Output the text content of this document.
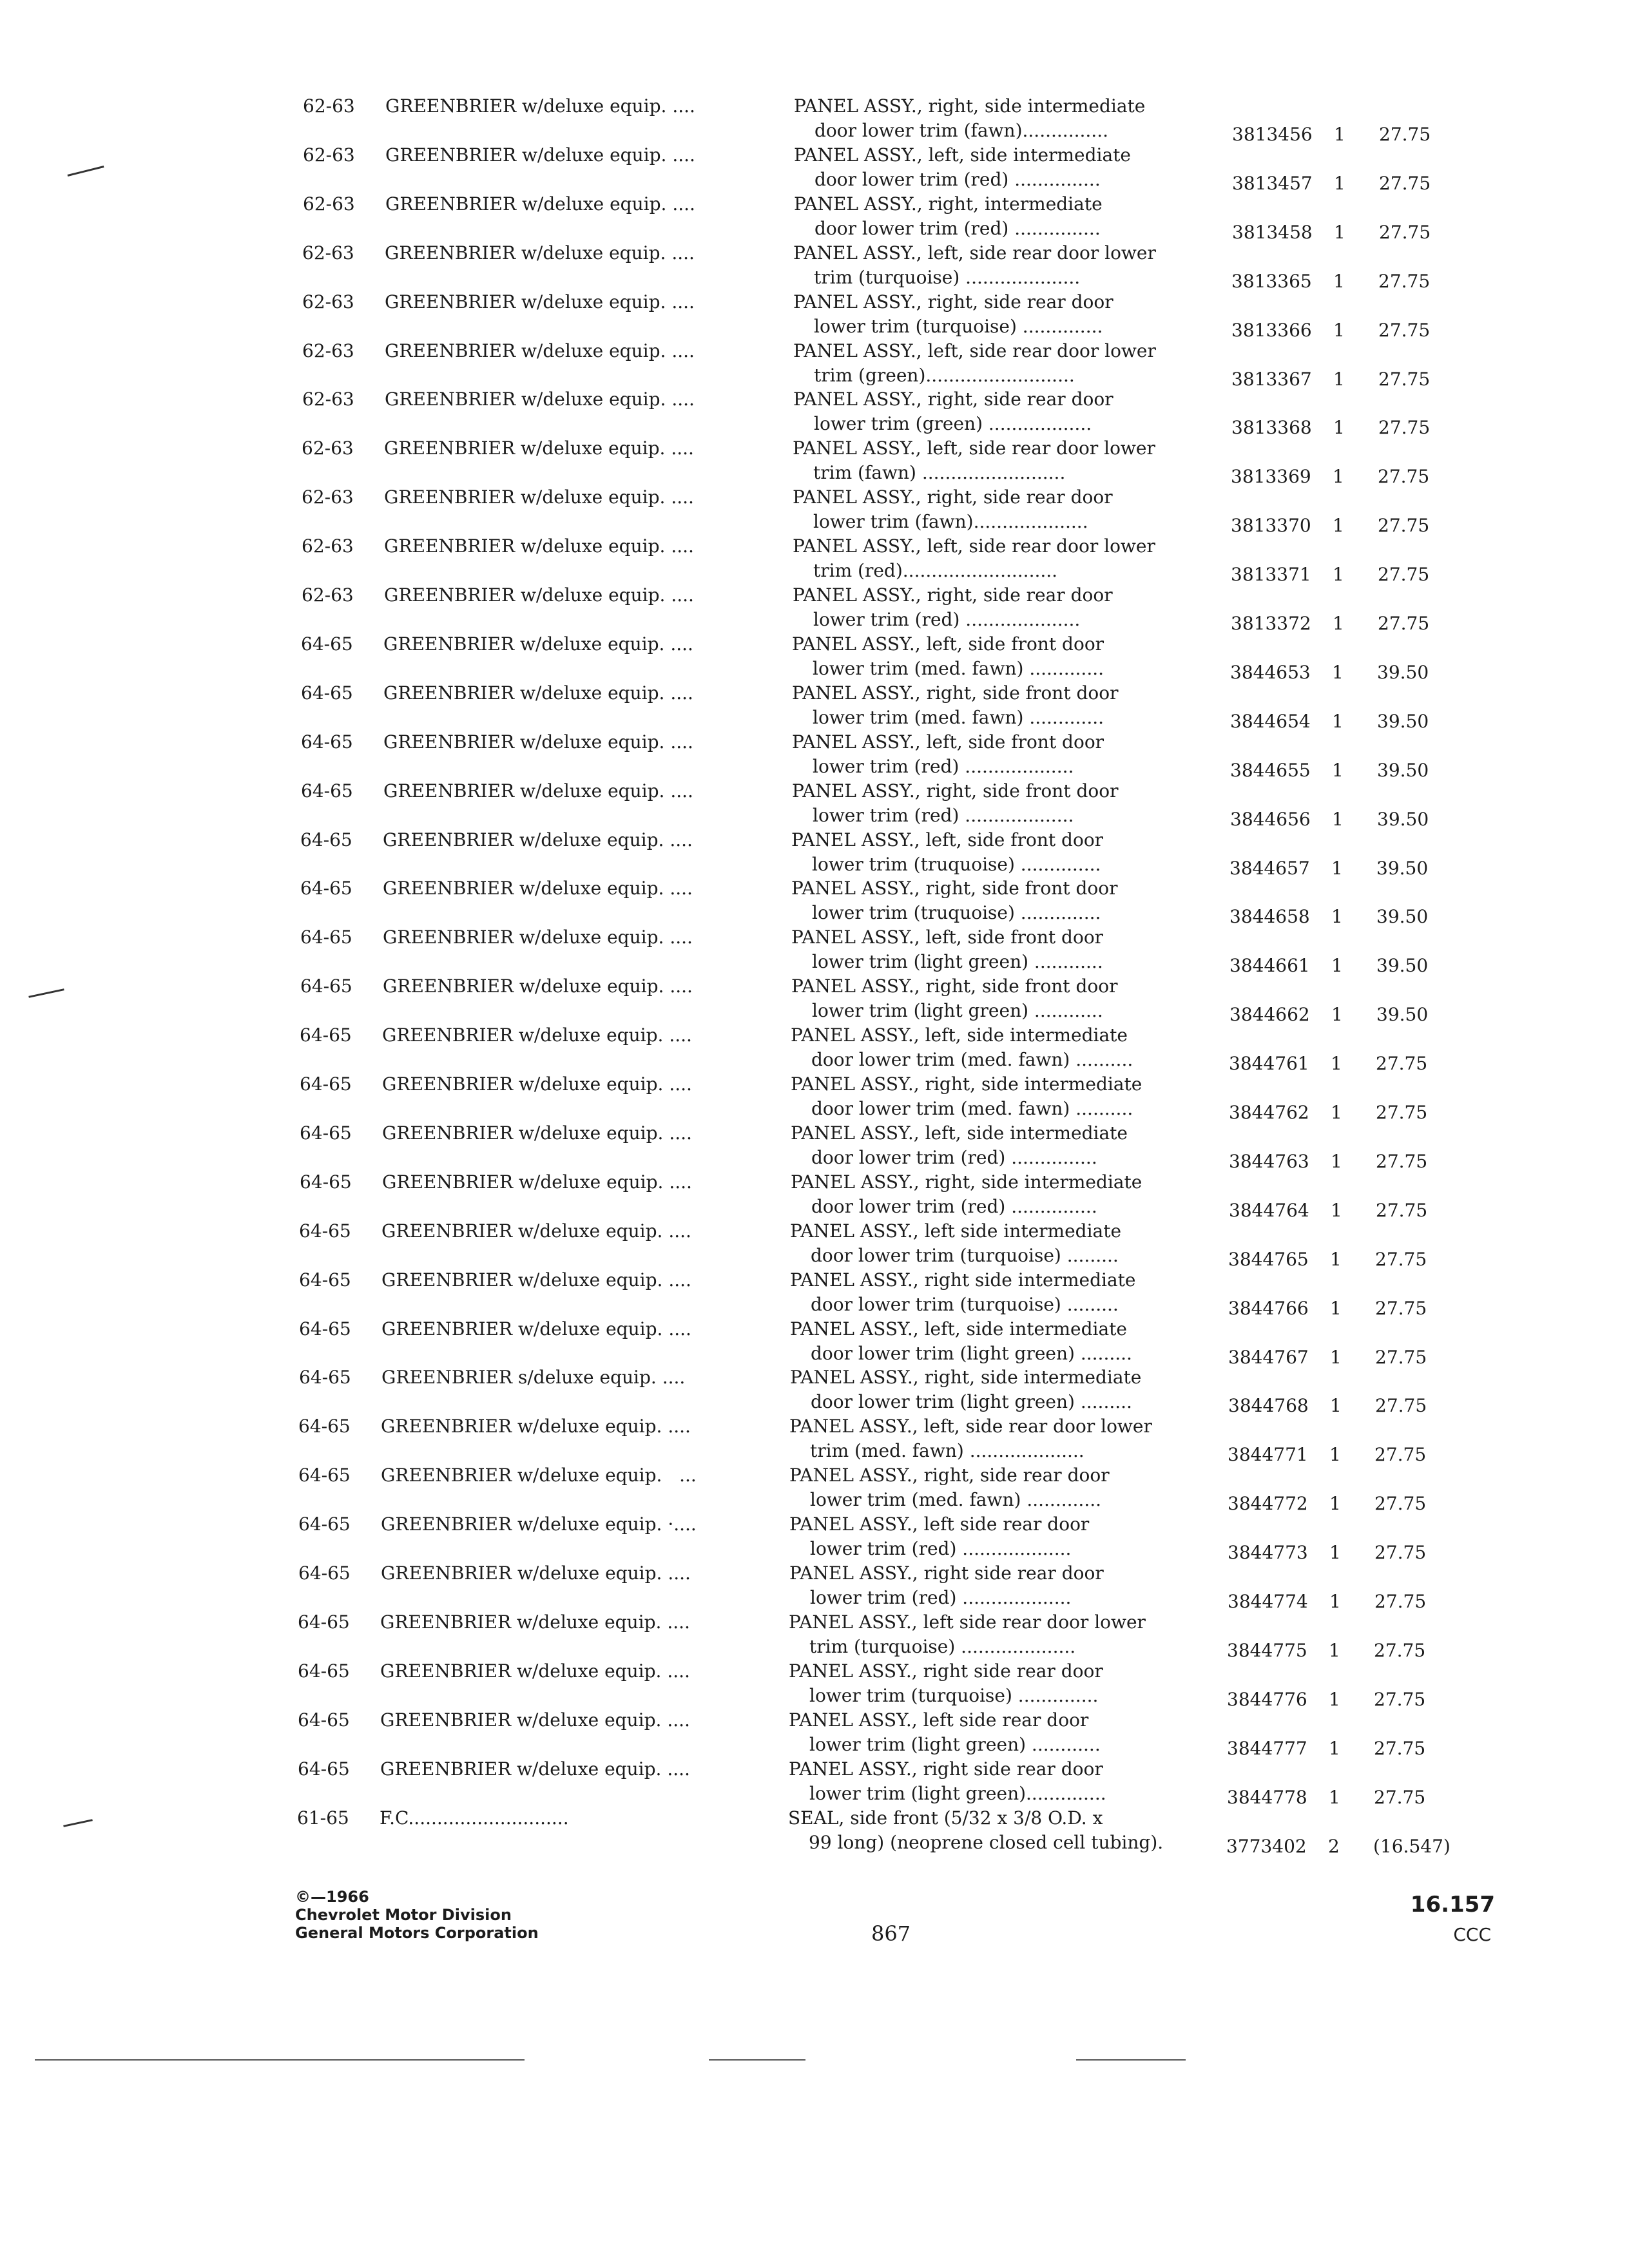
62-63 GREENBRIER w/deluxe equip. ....	PANEL ASSY., right, side intermediate
door lower trim (fawn)...............	3813456 1 27.75
62-63 GREENBRIER w/deluxe equip. ....	PANEL ASSY., left, side intermediate
door lower trim (red) ...............	3813457 1 27.75
62-63 GREENBRIER w/deluxe equip. ....	PANEL ASSY., right, intermediate
door lower trim (red) ...............	3813458 1 27.75
62-63 GREENBRIER w/deluxe equip. ....	PANEL ASSY., left, side rear door lower
trim (turquoise) ....................	3813365 1 27.75
62-63 GREENBRIER w/deluxe equip. ....	PANEL ASSY., right, side rear door
lower trim (turquoise) ..............	3813366 1 27.75
62-63 GREENBRIER w/deluxe equip. ....	PANEL ASSY., left, side rear door lower
trim (green)..........................	3813367 1 27.75
62-63 GREENBRIER w/deluxe equip. ....	PANEL ASSY., right, side rear door
lower trim (green) ..................	3813368 1 27.75
62-63 GREENBRIER w/deluxe equip. ....	PANEL ASSY., left, side rear door lower
trim (fawn) .........................	3813369 1 27.75
62-63 GREENBRIER w/deluxe equip. ....	PANEL ASSY., right, side rear door
lower trim (fawn)....................	3813370 1 27.75
62-63 GREENBRIER w/deluxe equip. ....	PANEL ASSY., left, side rear door lower
trim (red)...........................	3813371 1 27.75
62-63 GREENBRIER w/deluxe equip. ....	PANEL ASSY., right, side rear door
lower trim (red) ....................	3813372 1 27.75
64-65 GREENBRIER w/deluxe equip. ....	PANEL ASSY., left, side front door
lower trim (med. fawn) .............	3844653 1 39.50
64-65 GREENBRIER w/deluxe equip. ....	PANEL ASSY., right, side front door
lower trim (med. fawn) .............	3844654 1 39.50
64-65 GREENBRIER w/deluxe equip. ....	PANEL ASSY., left, side front door
lower trim (red) ...................	3844655 1 39.50
64-65 GREENBRIER w/deluxe equip. ....	PANEL ASSY., right, side front door
lower trim (red) ...................	3844656 1 39.50
64-65 GREENBRIER w/deluxe equip. ....	PANEL ASSY., left, side front door
lower trim (truquoise) ..............	3844657 1 39.50
64-65 GREENBRIER w/deluxe equip. ....	PANEL ASSY., right, side front door
lower trim (truquoise) ..............	3844658 1 39.50
64-65 GREENBRIER w/deluxe equip. ....	PANEL ASSY., left, side front door
lower trim (light green) ............	3844661 1 39.50
64-65 GREENBRIER w/deluxe equip. ....	PANEL ASSY., right, side front door
lower trim (light green) ............	3844662 1 39.50
64-65 GREENBRIER w/deluxe equip. ....	PANEL ASSY., left, side intermediate
door lower trim (med. fawn) ..........	3844761 1 27.75
64-65 GREENBRIER w/deluxe equip. ....	PANEL ASSY., right, side intermediate
door lower trim (med. fawn) ..........	3844762 1 27.75
64-65 GREENBRIER w/deluxe equip. ....	PANEL ASSY., left, side intermediate
door lower trim (red) ...............	3844763 1 27.75
64-65 GREENBRIER w/deluxe equip. ....	PANEL ASSY., right, side intermediate
door lower trim (red) ...............	3844764 1 27.75
64-65 GREENBRIER w/deluxe equip. ....	PANEL ASSY., left side intermediate
door lower trim (turquoise) .........	3844765 1 27.75
64-65 GREENBRIER w/deluxe equip. ....	PANEL ASSY., right side intermediate
door lower trim (turquoise) .........	3844766 1 27.75
64-65 GREENBRIER w/deluxe equip. ....	PANEL ASSY., left, side intermediate
door lower trim (light green) .........	3844767 1 27.75
64-65 GREENBRIER s/deluxe equip. ....	PANEL ASSY., right, side intermediate
door lower trim (light green) .........	3844768 1 27.75
64-65 GREENBRIER w/deluxe equip. ....	PANEL ASSY., left, side rear door lower
trim (med. fawn) ....................	3844771 1 27.75
64-65 GREENBRIER w/deluxe equip.   ...	PANEL ASSY., right, side rear door
lower trim (med. fawn) .............	3844772 1 27.75
64-65 GREENBRIER w/deluxe equip. ·....	PANEL ASSY., left side rear door
lower trim (red) ...................	3844773 1 27.75
64-65 GREENBRIER w/deluxe equip. ....	PANEL ASSY., right side rear door
lower trim (red) ...................	3844774 1 27.75
64-65 GREENBRIER w/deluxe equip. ....	PANEL ASSY., left side rear door lower
trim (turquoise) ....................	3844775 1 27.75
64-65 GREENBRIER w/deluxe equip. ....	PANEL ASSY., right side rear door
lower trim (turquoise) ..............	3844776 1 27.75
64-65 GREENBRIER w/deluxe equip. ....	PANEL ASSY., left side rear door
lower trim (light green) ............	3844777 1 27.75
64-65 GREENBRIER w/deluxe equip. ....	PANEL ASSY., right side rear door
lower trim (light green)..............	3844778 1 27.75
61-65 F.C............................	SEAL, side front (5/32 x 3/8 O.D. x
99 long) (neoprene closed cell tubing).	3773402 2 (16.547)
©—1966
Chevrolet Motor Division
General Motors Corporation	867
16.157
CCC
